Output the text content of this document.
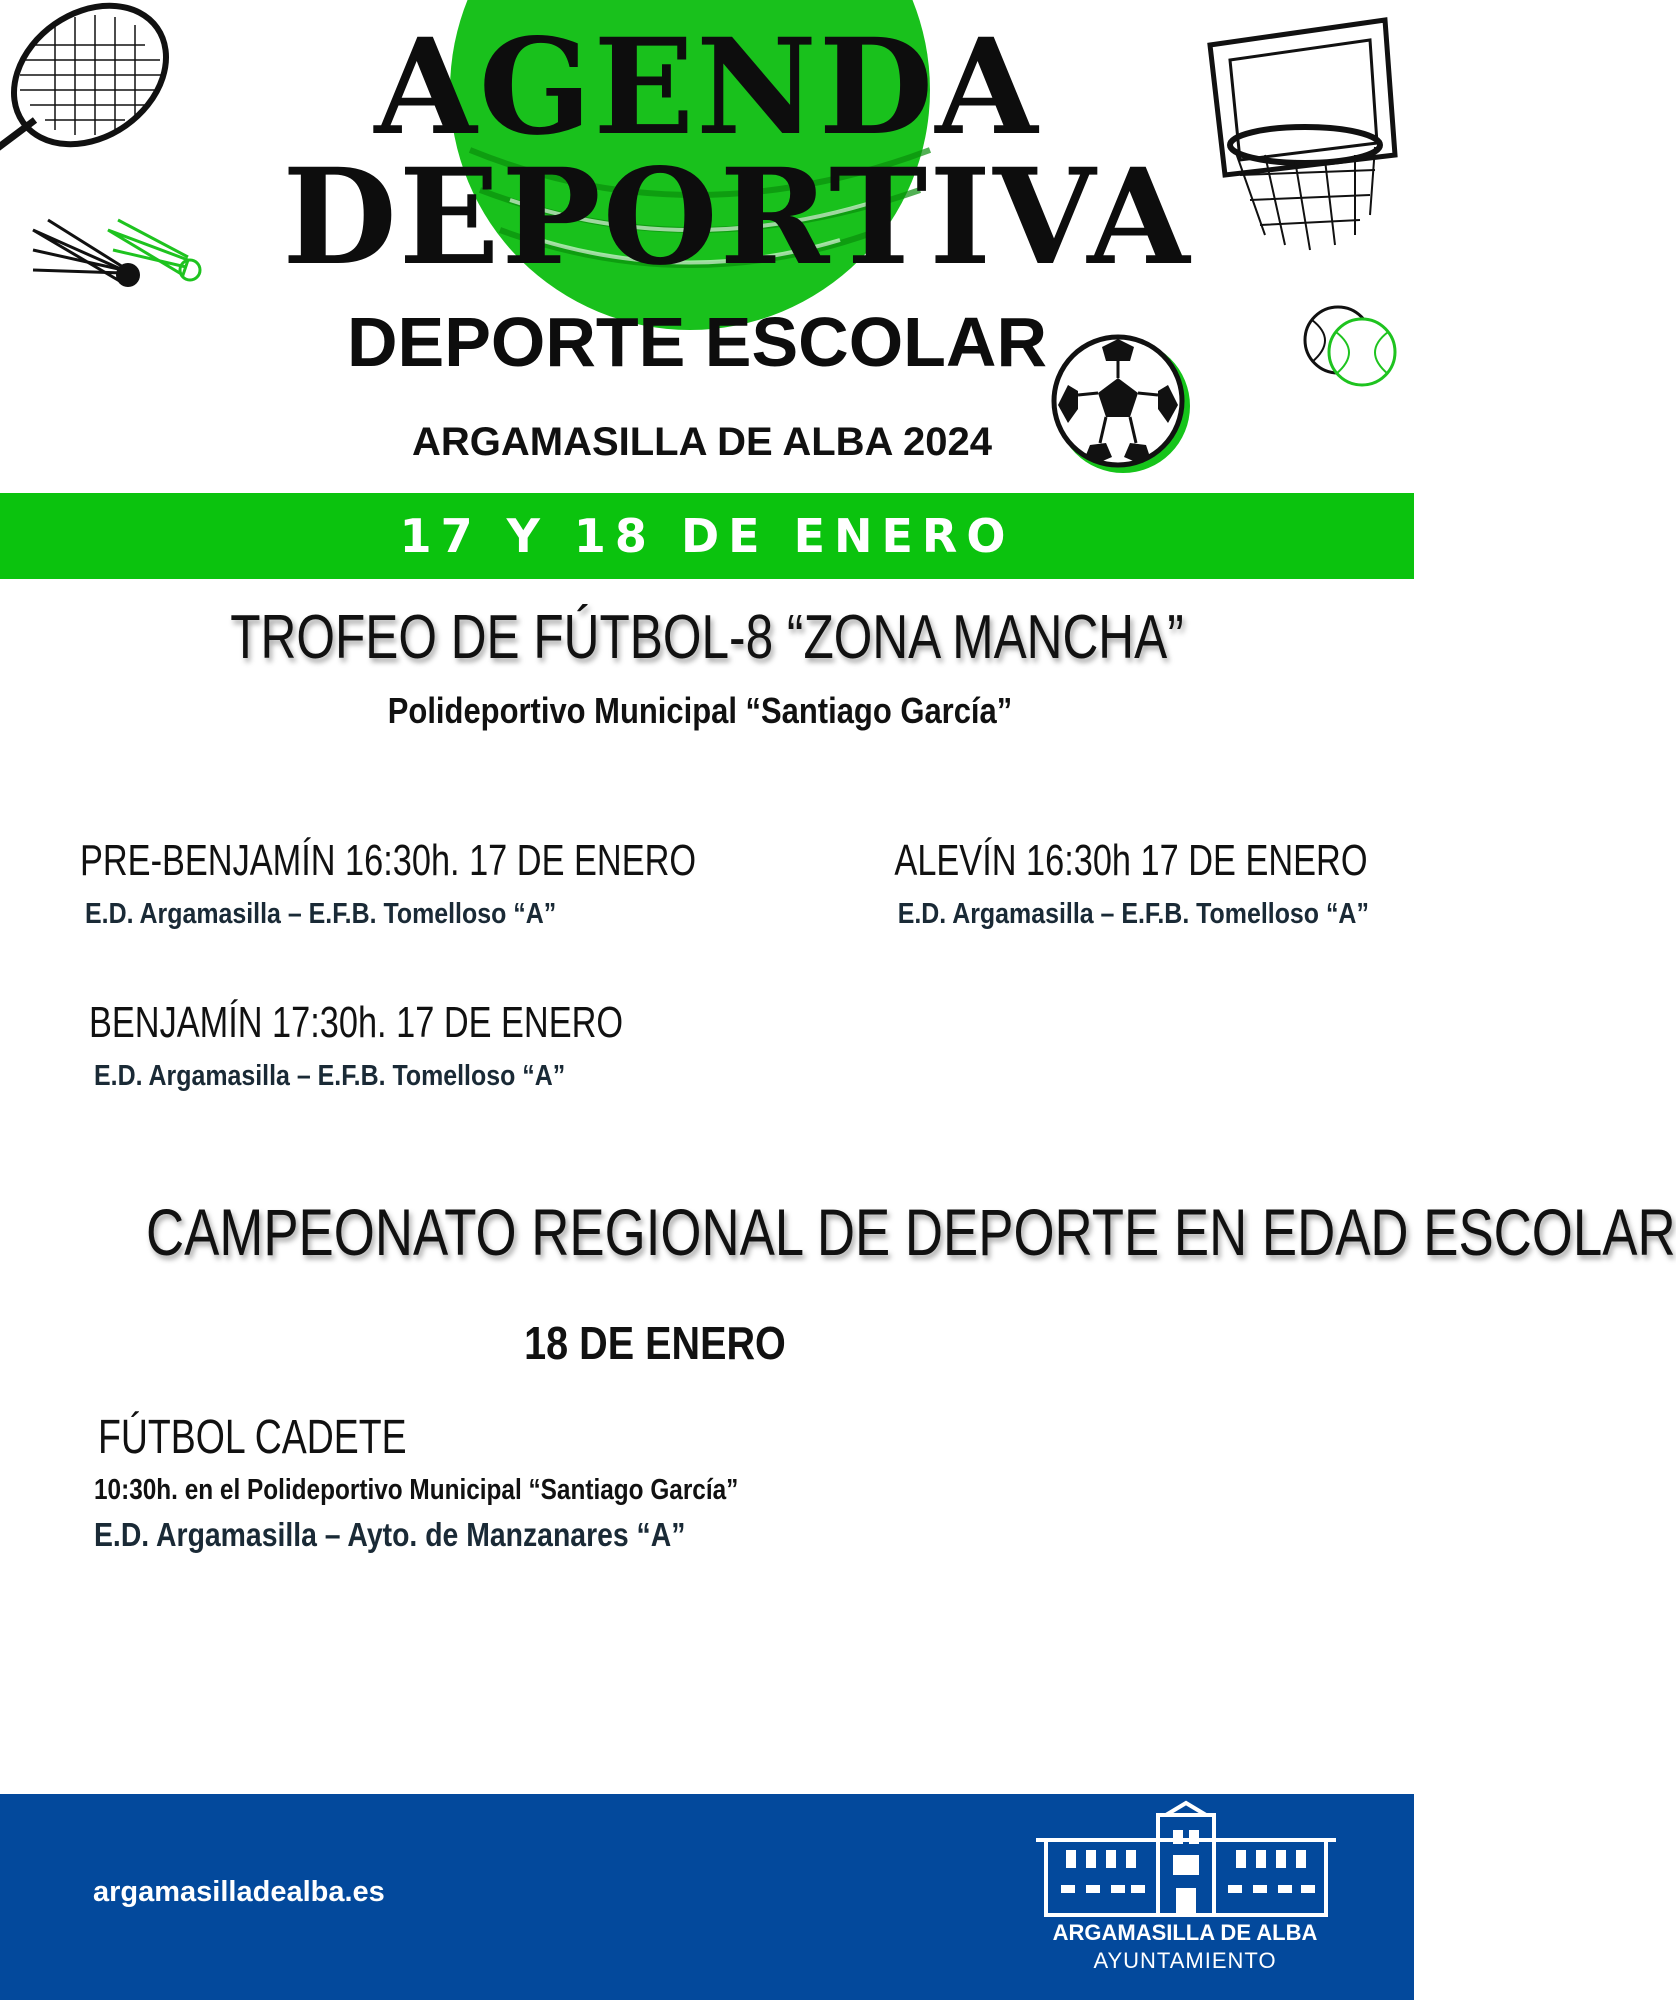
AGENDA
DEPORTIVA
DEPORTE ESCOLAR
ARGAMASILLA DE ALBA 2024
17 Y 18 DE ENERO
TROFEO DE FÚTBOL-8 “ZONA MANCHA”
Polideportivo Municipal “Santiago García”
PRE-BENJAMÍN 16:30h. 17 DE ENERO
E.D. Argamasilla – E.F.B. Tomelloso “A”
ALEVÍN 16:30h 17 DE ENERO
E.D. Argamasilla – E.F.B. Tomelloso “A”
BENJAMÍN 17:30h. 17 DE ENERO
E.D. Argamasilla – E.F.B. Tomelloso “A”
CAMPEONATO REGIONAL DE DEPORTE EN EDAD ESCOLAR
18 DE ENERO
FÚTBOL CADETE
10:30h. en el Polideportivo Municipal “Santiago García”
E.D. Argamasilla – Ayto. de Manzanares “A”
argamasilladealba.es
ARGAMASILLA DE ALBA
AYUNTAMIENTO
